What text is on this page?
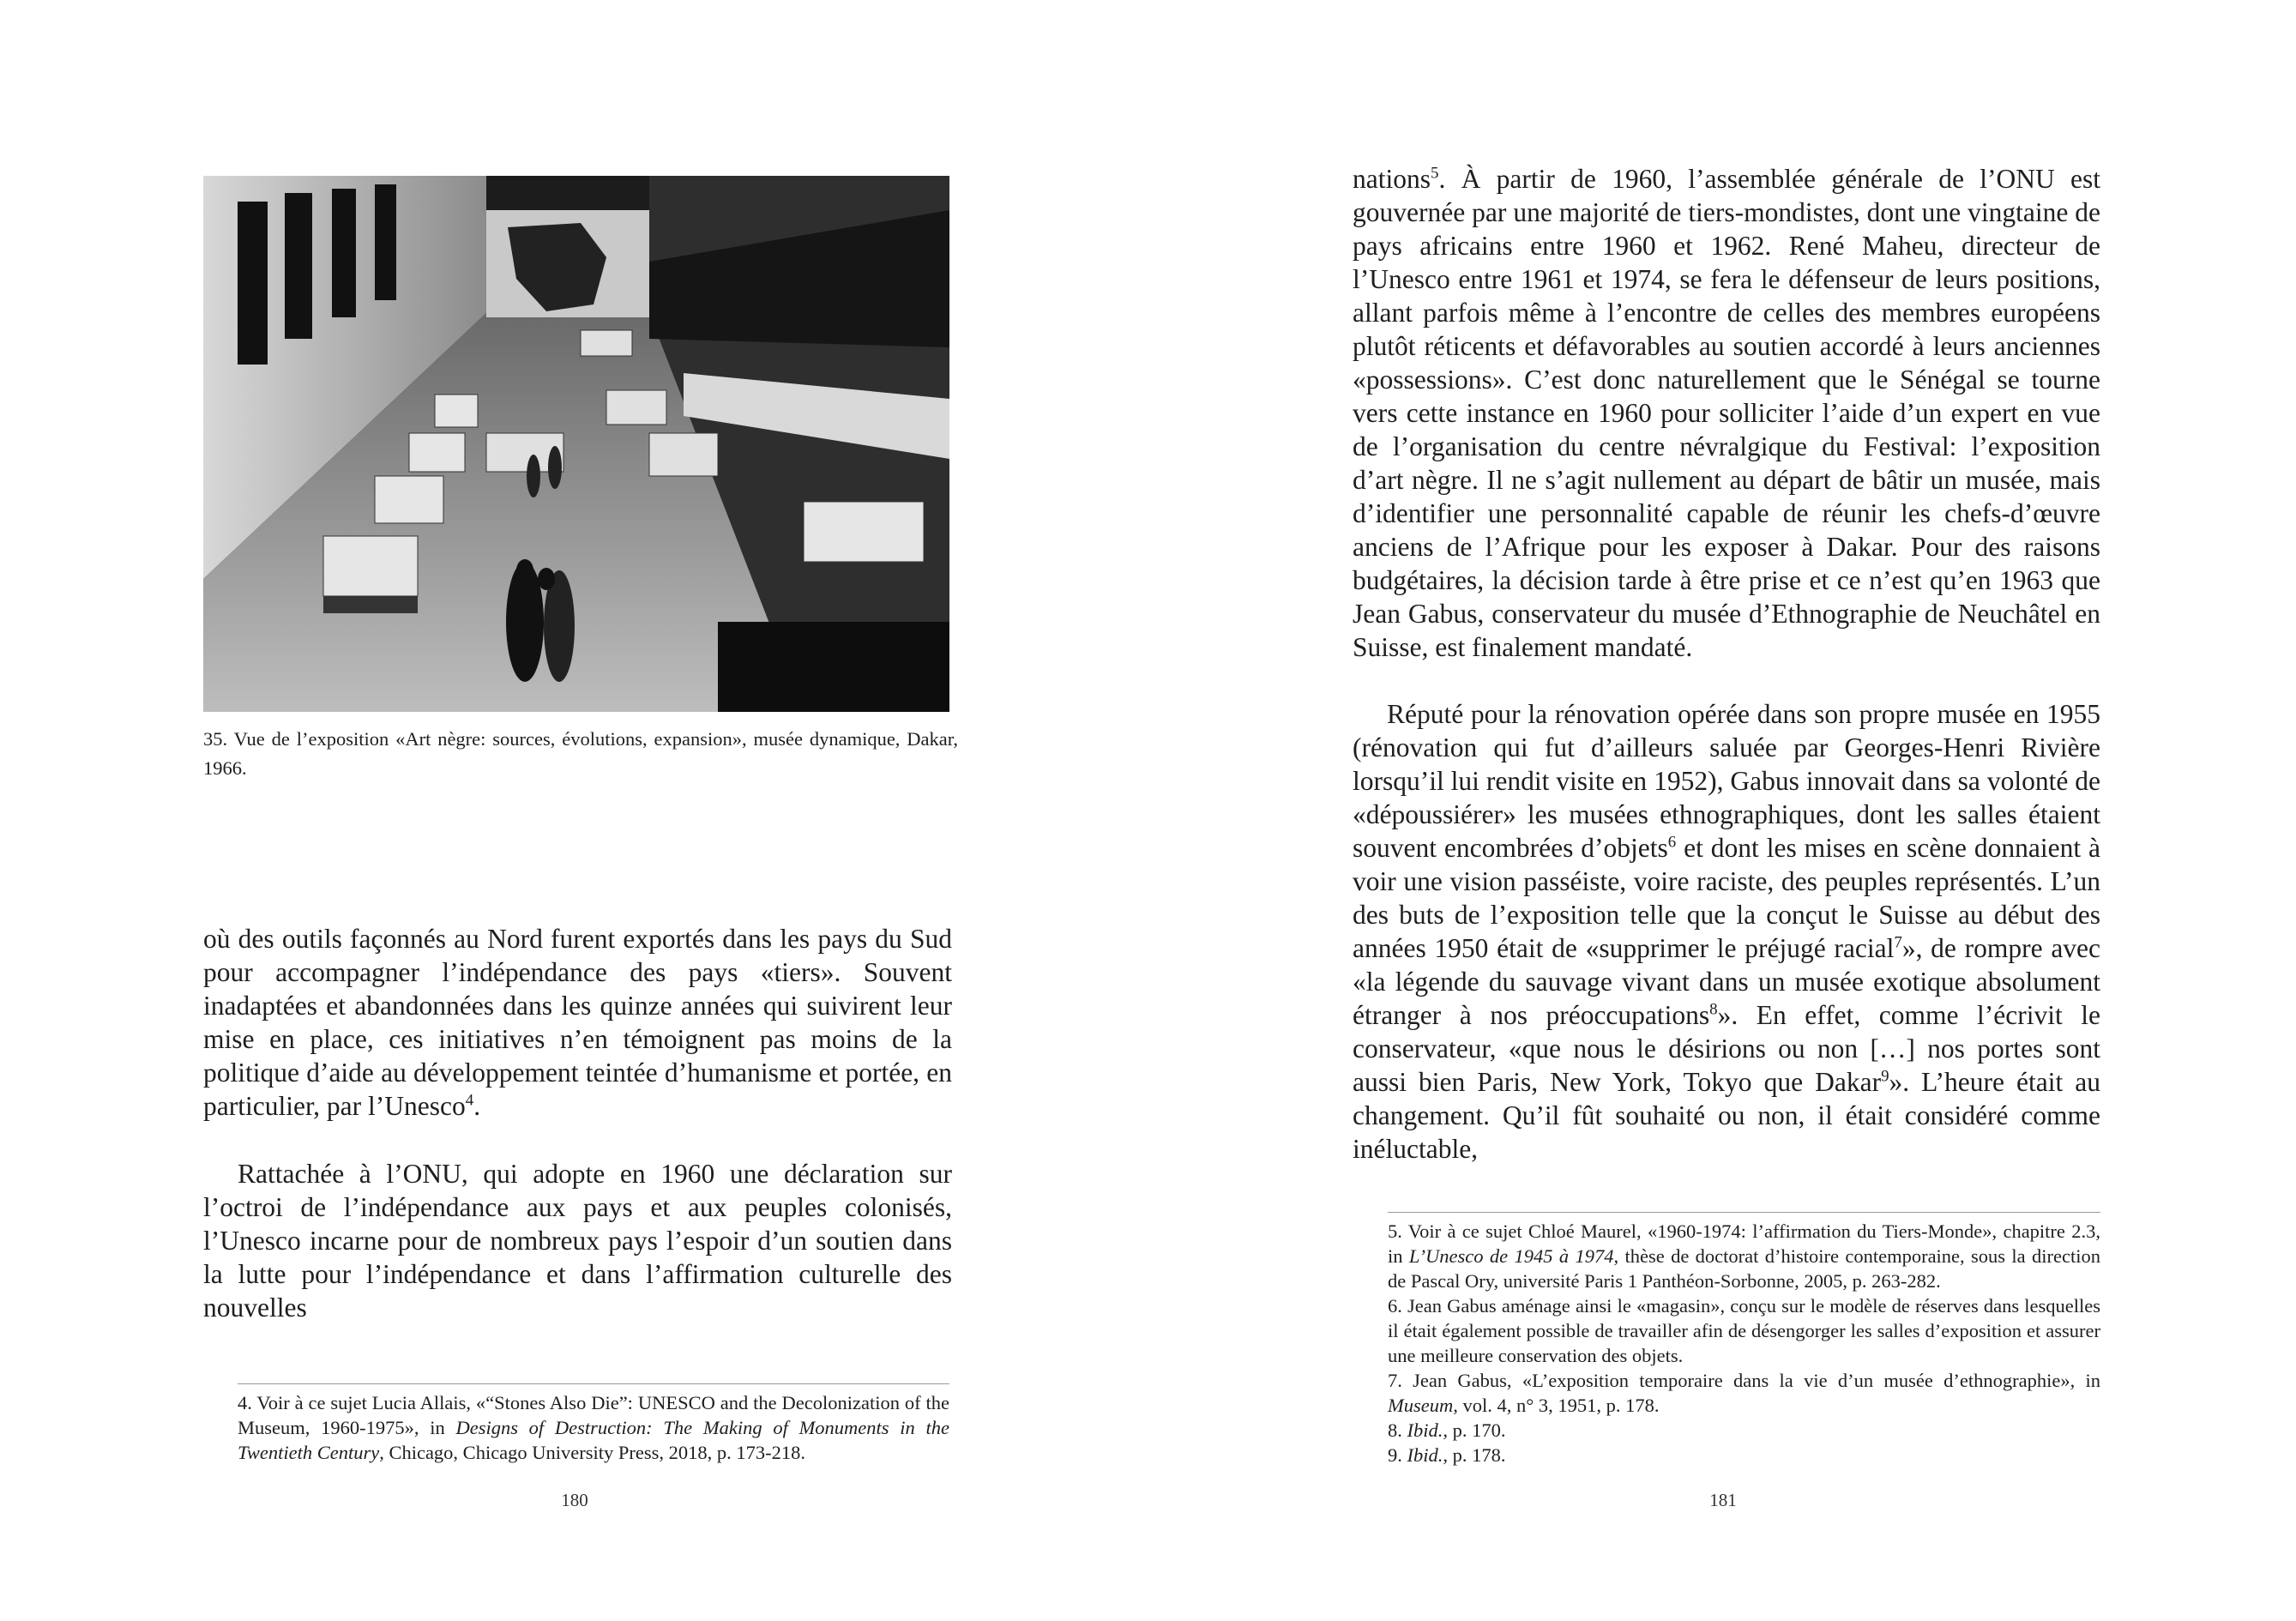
35. Vue de l’exposition «Art nègre: sources, évolutions, expansion», musée dynamique, Dakar, 1966.

où des outils façonnés au Nord furent exportés dans les pays du Sud pour accompagner l’indépendance des pays «tiers». Souvent inadaptées et abandonnées dans les quinze années qui suivirent leur mise en place, ces initiatives n’en témoignent pas moins de la politique d’aide au développement teintée d’humanisme et portée, en particulier, par l’Unesco$^4$.

Rattachée à l’ONU, qui adopte en 1960 une déclaration sur l’octroi de l’indépendance aux pays et aux peuples colonisés, l’Unesco incarne pour de nombreux pays l’espoir d’un soutien dans la lutte pour l’indépendance et dans l’affirmation culturelle des nouvelles

4. Voir à ce sujet Lucia Allais, «“Stones Also Die”: UNESCO and the Decolonization of the Museum, 1960-1975», in Designs of Destruction: The Making of Monuments in the Twentieth Century, Chicago, Chicago University Press, 2018, p. 173-218.

180

nations$^5$. À partir de 1960, l’assemblée générale de l’ONU est gouvernée par une majorité de tiers-mondistes, dont une vingtaine de pays africains entre 1960 et 1962. René Maheu, directeur de l’Unesco entre 1961 et 1974, se fera le défenseur de leurs positions, allant parfois même à l’encontre de celles des membres européens plutôt réticents et défavorables au soutien accordé à leurs anciennes «possessions». C’est donc naturellement que le Sénégal se tourne vers cette instance en 1960 pour solliciter l’aide d’un expert en vue de l’organisation du centre névralgique du Festival: l’exposition d’art nègre. Il ne s’agit nullement au départ de bâtir un musée, mais d’identifier une personnalité capable de réunir les chefs-d’œuvre anciens de l’Afrique pour les exposer à Dakar. Pour des raisons budgétaires, la décision tarde à être prise et ce n’est qu’en 1963 que Jean Gabus, conservateur du musée d’Ethnographie de Neuchâtel en Suisse, est finalement mandaté.

Réputé pour la rénovation opérée dans son propre musée en 1955 (rénovation qui fut d’ailleurs saluée par Georges-Henri Rivière lorsqu’il lui rendit visite en 1952), Gabus innovait dans sa volonté de «dépoussiérer» les musées ethnographiques, dont les salles étaient souvent encombrées d’objets$^6$ et dont les mises en scène donnaient à voir une vision passéiste, voire raciste, des peuples représentés. L’un des buts de l’exposition telle que la conçut le Suisse au début des années 1950 était de «supprimer le préjugé racial$^7$», de rompre avec «la légende du sauvage vivant dans un musée exotique absolument étranger à nos préoccupations$^8$». En effet, comme l’écrivit le conservateur, «que nous le désirions ou non […] nos portes sont aussi bien Paris, New York, Tokyo que Dakar$^9$». L’heure était au changement. Qu’il fût souhaité ou non, il était considéré comme inéluctable,

5. Voir à ce sujet Chloé Maurel, «1960-1974: l’affirmation du Tiers-Monde», chapitre 2.3, in L’Unesco de 1945 à 1974, thèse de doctorat d’histoire contemporaine, sous la direction de Pascal Ory, université Paris 1 Panthéon-Sorbonne, 2005, p. 263-282.

6. Jean Gabus aménage ainsi le «magasin», conçu sur le modèle de réserves dans lesquelles il était également possible de travailler afin de désengorger les salles d’exposition et assurer une meilleure conservation des objets.

7. Jean Gabus, «L’exposition temporaire dans la vie d’un musée d’ethnographie», in Museum, vol. 4, n° 3, 1951, p. 178.

8. Ibid., p. 170.

9. Ibid., p. 178.

181
